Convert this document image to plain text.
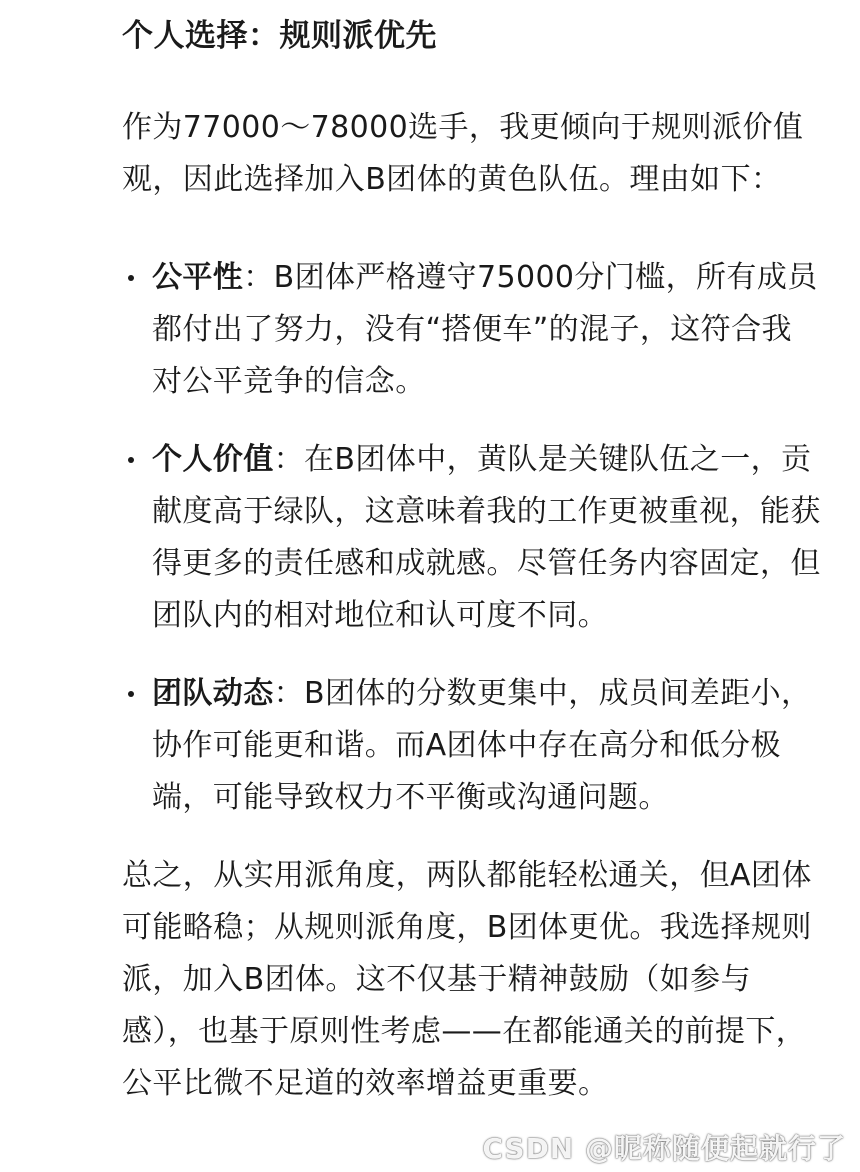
个人选择：规则派优先

作为77000～78000选手，我更倾向于规则派价值观，因此选择加入B团体的黄色队伍。理由如下：

公平性：B团体严格遵守75000分门槛，所有成员都付出了努力，没有“搭便车”的混子，这符合我对公平竞争的信念。
个人价值：在B团体中，黄队是关键队伍之一，贡献度高于绿队，这意味着我的工作更被重视，能获得更多的责任感和成就感。尽管任务内容固定，但团队内的相对地位和认可度不同。
团队动态：B团体的分数更集中，成员间差距小，协作可能更和谐。而A团体中存在高分和低分极端，可能导致权力不平衡或沟通问题。

总之，从实用派角度，两队都能轻松通关，但A团体可能略稳；从规则派角度，B团体更优。我选择规则派，加入B团体。这不仅基于精神鼓励（如参与感），也基于原则性考虑——在都能通关的前提下，公平比微不足道的效率增益更重要。

CSDN @昵称随便起就行了
